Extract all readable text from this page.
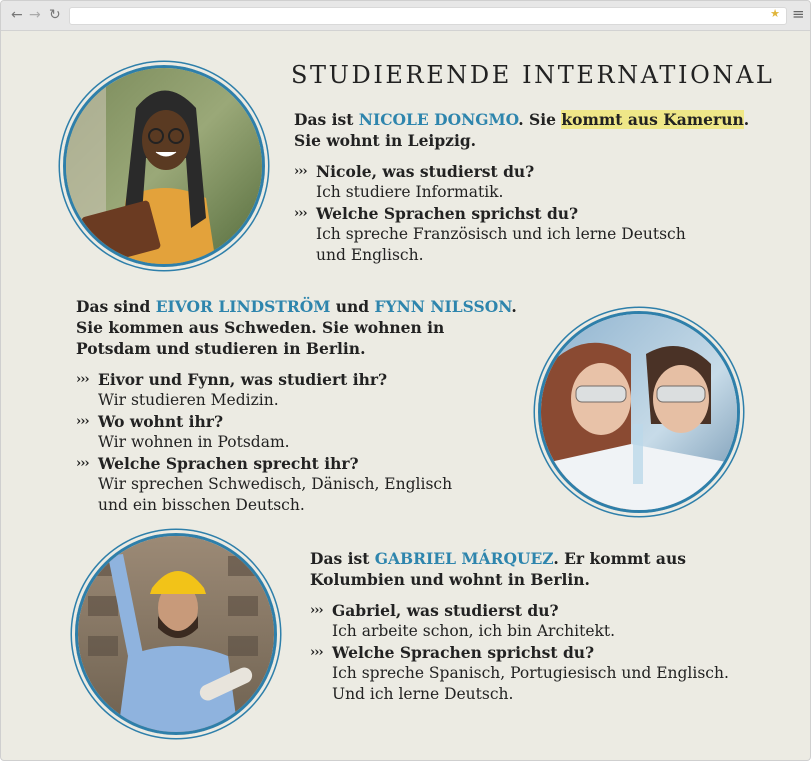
← → ↻	★ ≡
STUDIERENDE INTERNATIONAL
Das ist NICOLE DONGMO. Sie kommt aus Kamerun.
Sie wohnt in Leipzig.
››› Nicole, was studierst du?
Ich studiere Informatik.
››› Welche Sprachen sprichst du?
Ich spreche Französisch und ich lerne Deutsch
und Englisch.
Das sind EIVOR LINDSTRÖM und FYNN NILSSON.
Sie kommen aus Schweden. Sie wohnen in
Potsdam und studieren in Berlin.
››› Eivor und Fynn, was studiert ihr?
Wir studieren Medizin.
››› Wo wohnt ihr?
Wir wohnen in Potsdam.
››› Welche Sprachen sprecht ihr?
Wir sprechen Schwedisch, Dänisch, Englisch
und ein bisschen Deutsch.
Das ist GABRIEL MÁRQUEZ. Er kommt aus
Kolumbien und wohnt in Berlin.
››› Gabriel, was studierst du?
Ich arbeite schon, ich bin Architekt.
››› Welche Sprachen sprichst du?
Ich spreche Spanisch, Portugiesisch und Englisch.
Und ich lerne Deutsch.
